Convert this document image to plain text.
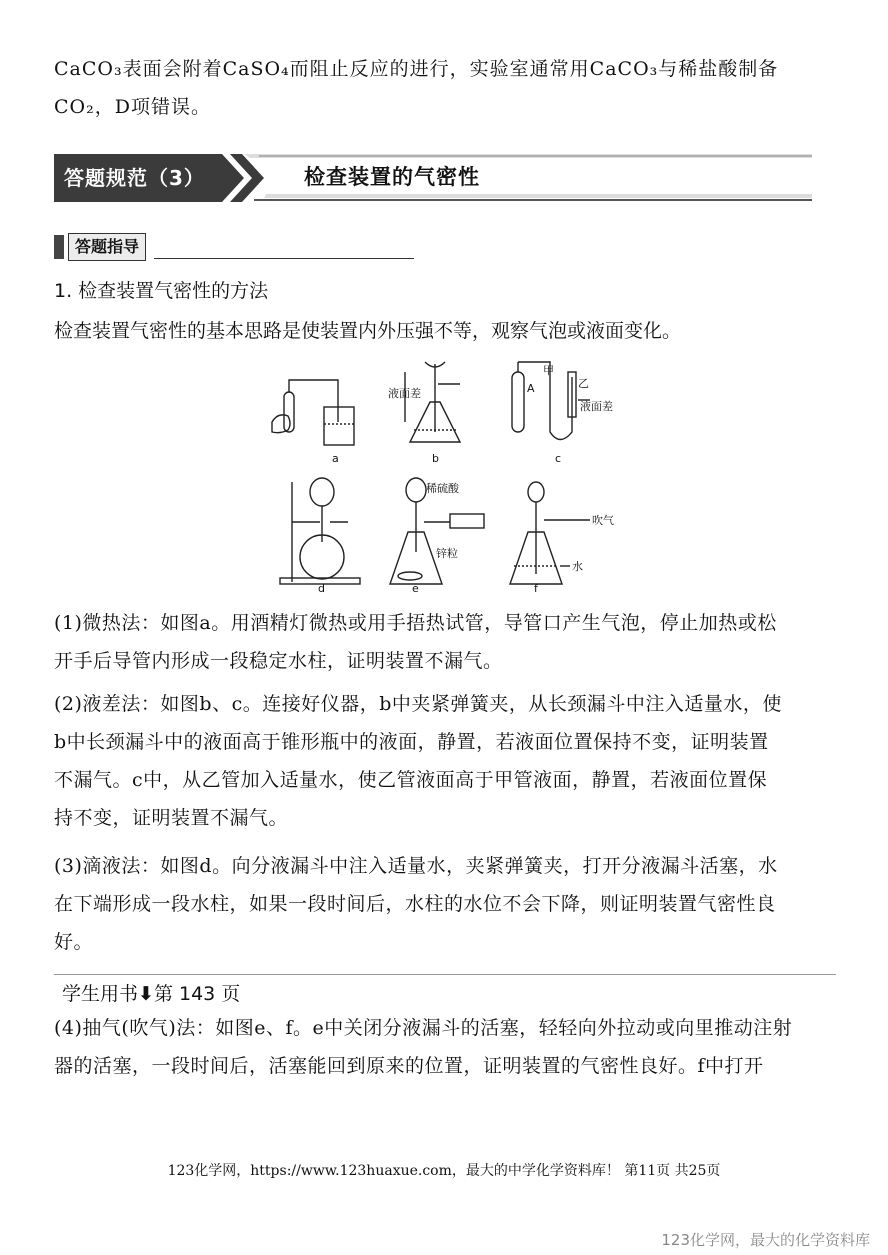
CaCO₃表面会附着CaSO₄而阻止反应的进行，实验室通常用CaCO₃与稀盐酸制备
CO₂，D项错误。
答题规范（3）	检查装置的气密性
答题指导
1. 检查装置气密性的方法
检查装置气密性的基本思路是使装置内外压强不等，观察气泡或液面变化。
a	b	c
d	e	f
液面差	A
甲
乙
液面差
稀硫酸
锌粒
吹气
水
(1)微热法：如图a。用酒精灯微热或用手捂热试管，导管口产生气泡，停止加热或松
开手后导管内形成一段稳定水柱，证明装置不漏气。
(2)液差法：如图b、c。连接好仪器，b中夹紧弹簧夹，从长颈漏斗中注入适量水，使
b中长颈漏斗中的液面高于锥形瓶中的液面，静置，若液面位置保持不变，证明装置
不漏气。c中，从乙管加入适量水，使乙管液面高于甲管液面，静置，若液面位置保
持不变，证明装置不漏气。
(3)滴液法：如图d。向分液漏斗中注入适量水，夹紧弹簧夹，打开分液漏斗活塞，水
在下端形成一段水柱，如果一段时间后，水柱的水位不会下降，则证明装置气密性良
好。
学生用书⬇第 143 页
(4)抽气(吹气)法：如图e、f。e中关闭分液漏斗的活塞，轻轻向外拉动或向里推动注射
器的活塞，一段时间后，活塞能回到原来的位置，证明装置的气密性良好。f中打开
123化学网，https://www.123huaxue.com，最大的中学化学资料库！ 第11页 共25页
123化学网，最大的化学资料库
